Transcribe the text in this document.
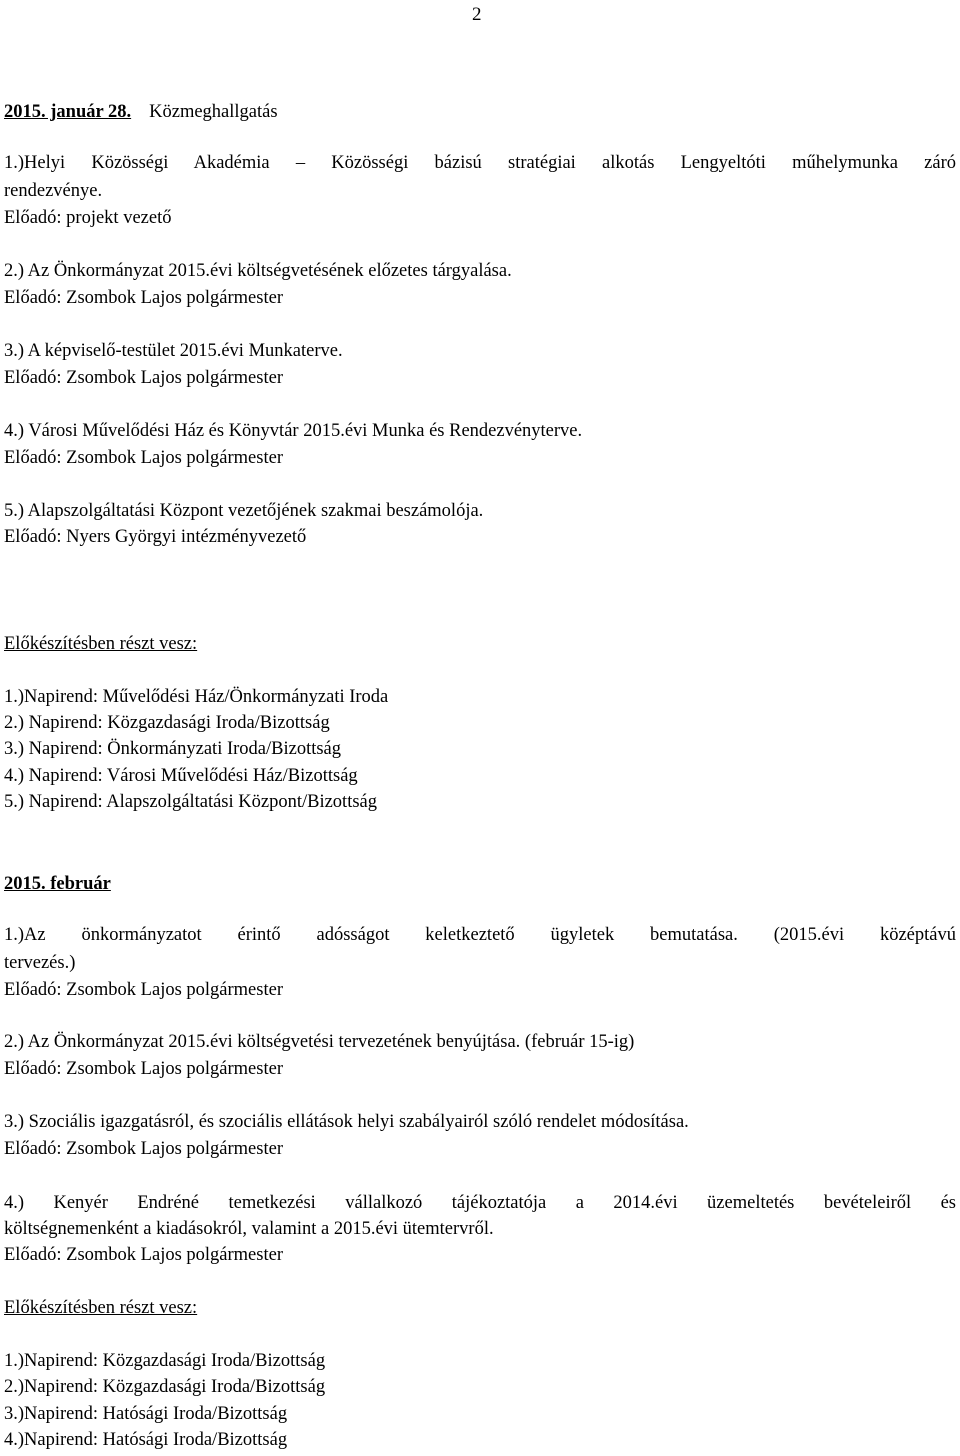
2
2015. január 28. Közmeghallgatás
1.)Helyi Közösségi Akadémia – Közösségi bázisú stratégiai alkotás Lengyeltóti műhelymunka záró
rendezvénye.
Előadó: projekt vezető
2.) Az Önkormányzat 2015.évi költségvetésének előzetes tárgyalása.
Előadó: Zsombok Lajos polgármester
3.) A képviselő-testület 2015.évi Munkaterve.
Előadó: Zsombok Lajos polgármester
4.) Városi Művelődési Ház és Könyvtár 2015.évi Munka és Rendezvényterve.
Előadó: Zsombok Lajos polgármester
5.) Alapszolgáltatási Központ vezetőjének szakmai beszámolója.
Előadó: Nyers Györgyi intézményvezető
Előkészítésben részt vesz:
1.)Napirend: Művelődési Ház/Önkormányzati Iroda
2.) Napirend: Közgazdasági Iroda/Bizottság
3.) Napirend: Önkormányzati Iroda/Bizottság
4.) Napirend: Városi Művelődési Ház/Bizottság
5.) Napirend: Alapszolgáltatási Központ/Bizottság
2015. február
1.)Az önkormányzatot érintő adósságot keletkeztető ügyletek bemutatása. (2015.évi középtávú
tervezés.)
Előadó: Zsombok Lajos polgármester
2.) Az Önkormányzat 2015.évi költségvetési tervezetének benyújtása. (február 15-ig)
Előadó: Zsombok Lajos polgármester
3.) Szociális igazgatásról, és szociális ellátások helyi szabályairól szóló rendelet módosítása.
Előadó: Zsombok Lajos polgármester
4.) Kenyér Endréné temetkezési vállalkozó tájékoztatója a 2014.évi üzemeltetés bevételeiről és
költségnemenként a kiadásokról, valamint a 2015.évi ütemtervről.
Előadó: Zsombok Lajos polgármester
Előkészítésben részt vesz:
1.)Napirend: Közgazdasági Iroda/Bizottság
2.)Napirend: Közgazdasági Iroda/Bizottság
3.)Napirend: Hatósági Iroda/Bizottság
4.)Napirend: Hatósági Iroda/Bizottság
